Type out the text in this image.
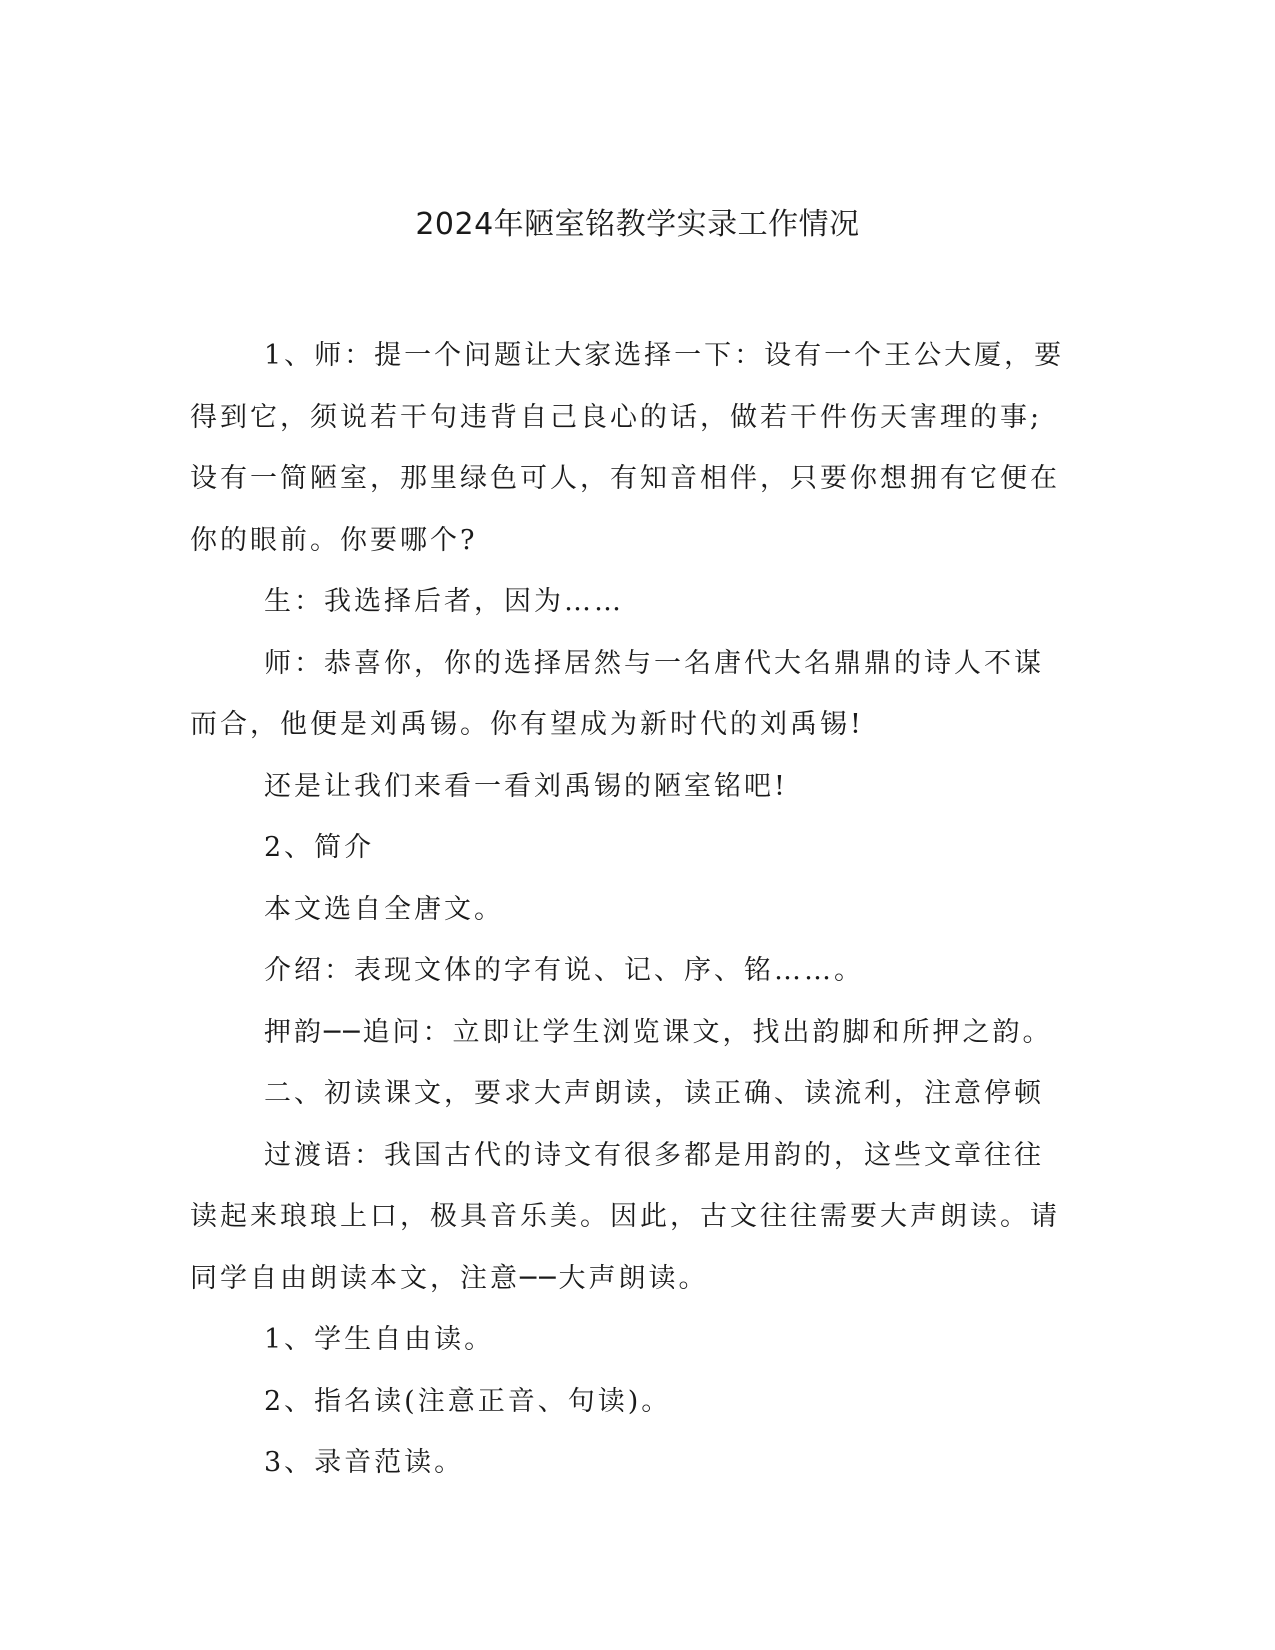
2024年陋室铭教学实录工作情况

1、师：提一个问题让大家选择一下：设有一个王公大厦，要得到它，须说若干句违背自己良心的话，做若干件伤天害理的事;设有一简陋室，那里绿色可人，有知音相伴，只要你想拥有它便在你的眼前。你要哪个?

生：我选择后者，因为……

师：恭喜你，你的选择居然与一名唐代大名鼎鼎的诗人不谋而合，他便是刘禹锡。你有望成为新时代的刘禹锡!

还是让我们来看一看刘禹锡的陋室铭吧!

2、简介

本文选自全唐文。

介绍：表现文体的字有说、记、序、铭……。

押韵──追问：立即让学生浏览课文，找出韵脚和所押之韵。

二、初读课文，要求大声朗读，读正确、读流利，注意停顿

过渡语：我国古代的诗文有很多都是用韵的，这些文章往往读起来琅琅上口，极具音乐美。因此，古文往往需要大声朗读。请同学自由朗读本文，注意──大声朗读。

1、学生自由读。

2、指名读(注意正音、句读)。

3、录音范读。
